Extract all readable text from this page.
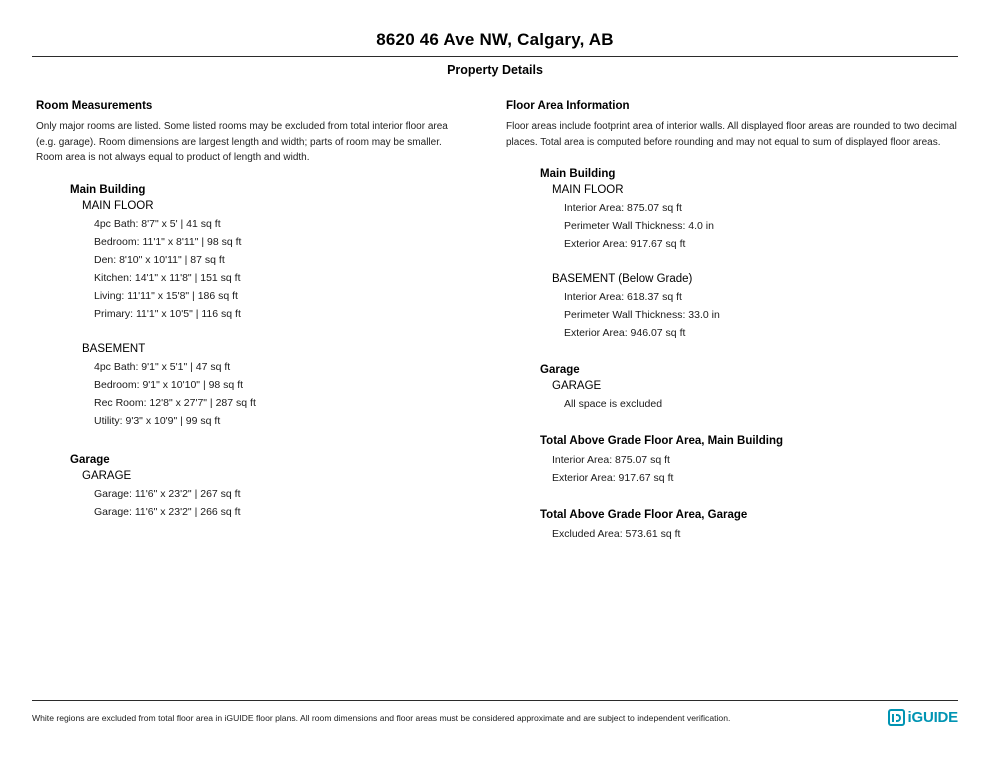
8620 46 Ave NW, Calgary, AB
Property Details
Room Measurements
Only major rooms are listed. Some listed rooms may be excluded from total interior floor area
(e.g. garage). Room dimensions are largest length and width; parts of room may be smaller.
Room area is not always equal to product of length and width.
Main Building
MAIN FLOOR
4pc Bath: 8'7" x 5' | 41 sq ft
Bedroom: 11'1" x 8'11" | 98 sq ft
Den: 8'10" x 10'11" | 87 sq ft
Kitchen: 14'1" x 11'8" | 151 sq ft
Living: 11'11" x 15'8" | 186 sq ft
Primary: 11'1" x 10'5" | 116 sq ft
BASEMENT
4pc Bath: 9'1" x 5'1" | 47 sq ft
Bedroom: 9'1" x 10'10" | 98 sq ft
Rec Room: 12'8" x 27'7" | 287 sq ft
Utility: 9'3" x 10'9" | 99 sq ft
Garage
GARAGE
Garage: 11'6" x 23'2" | 267 sq ft
Garage: 11'6" x 23'2" | 266 sq ft
Floor Area Information
Floor areas include footprint area of interior walls. All displayed floor areas are rounded to two decimal places. Total area is computed before rounding and may not equal to sum of displayed floor areas.
Main Building
MAIN FLOOR
Interior Area: 875.07 sq ft
Perimeter Wall Thickness: 4.0 in
Exterior Area: 917.67 sq ft
BASEMENT (Below Grade)
Interior Area: 618.37 sq ft
Perimeter Wall Thickness: 33.0 in
Exterior Area: 946.07 sq ft
Garage
GARAGE
All space is excluded
Total Above Grade Floor Area, Main Building
Interior Area: 875.07 sq ft
Exterior Area: 917.67 sq ft
Total Above Grade Floor Area, Garage
Excluded Area: 573.61 sq ft
White regions are excluded from total floor area in iGUIDE floor plans. All room dimensions and floor areas must be considered approximate and are subject to independent verification.	iGUIDE
